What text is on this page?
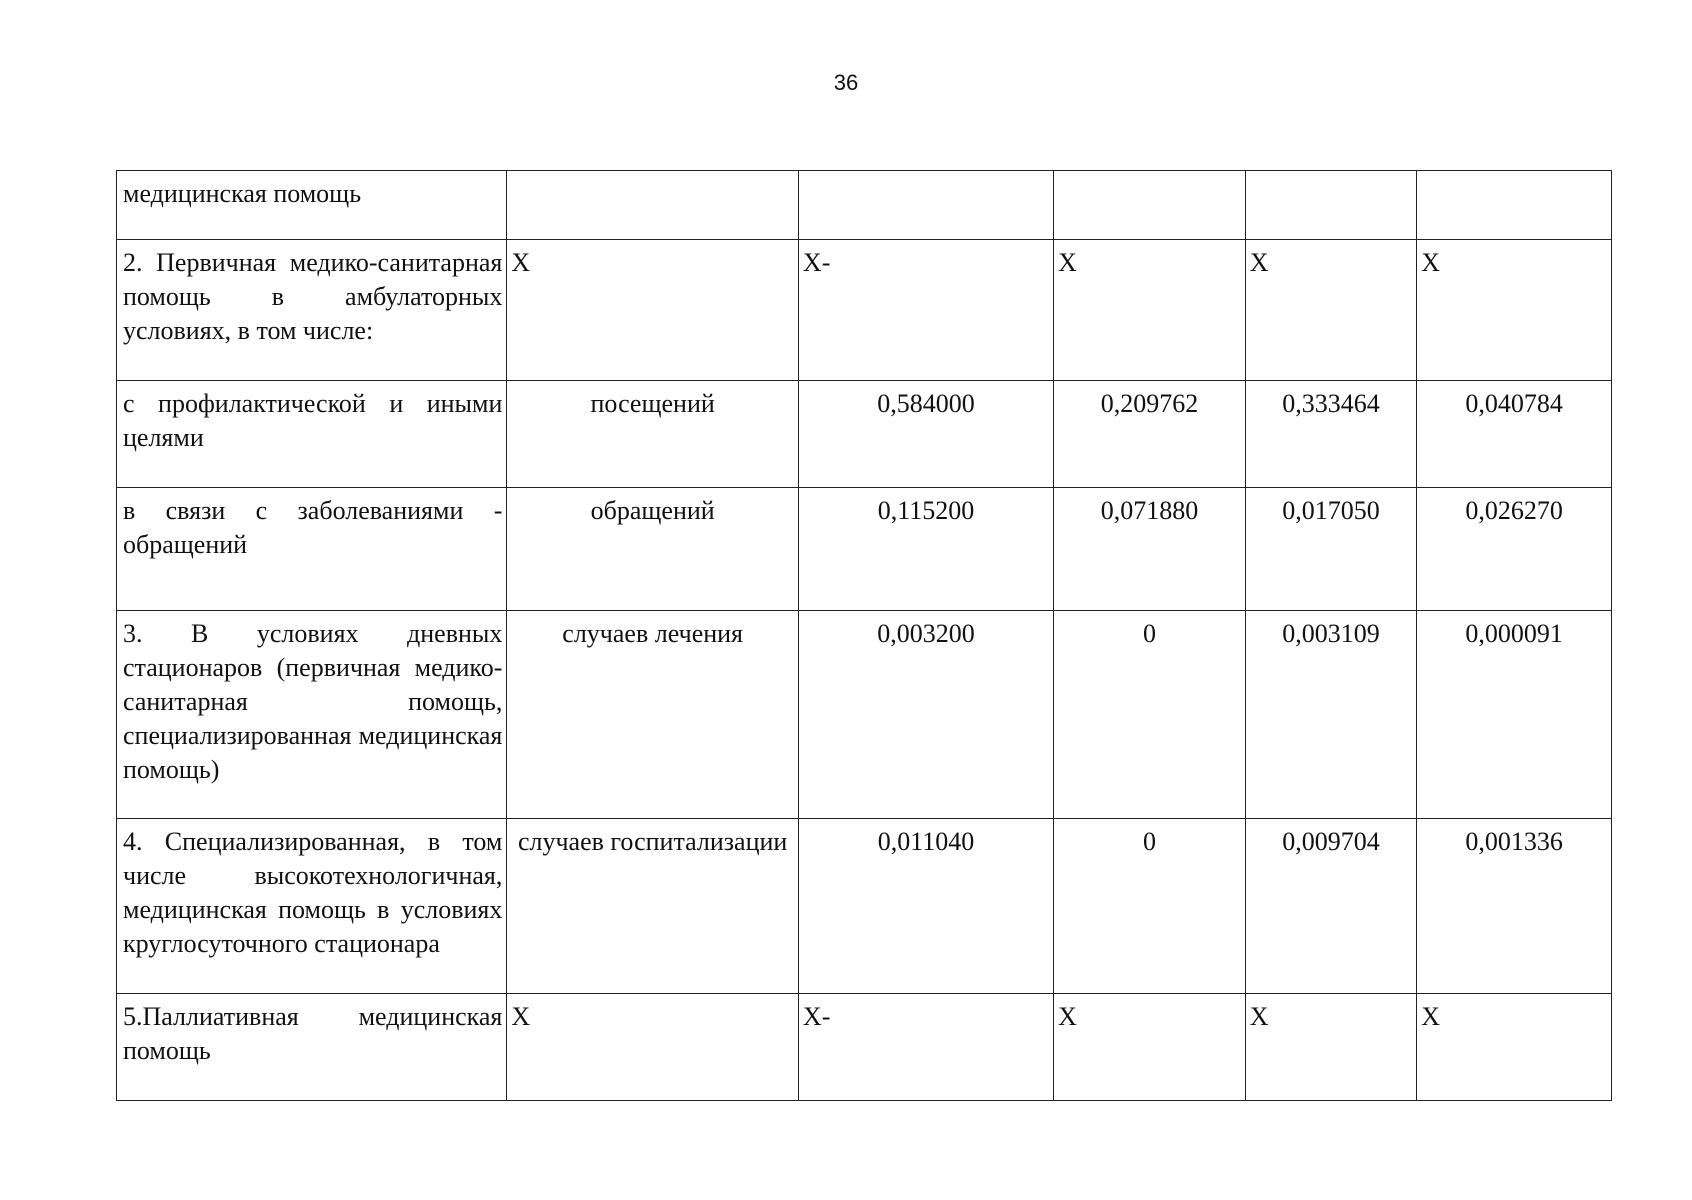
36
медицинская помощь					
2. Первичная медико-санитарная помощь в амбулаторных условиях, в том числе:	X	X-	X	X	X
с профилактической и иными целями	посещений	0,584000	0,209762	0,333464	0,040784
в связи с заболеваниями - обращений	обращений	0,115200	0,071880	0,017050	0,026270
3. В условиях дневных стационаров (первичная медико-санитарная помощь, специализированная медицинская помощь)	случаев лечения	0,003200	0	0,003109	0,000091
4. Специализированная, в том числе высокотехнологичная, медицинская помощь в условиях круглосуточного стационара	случаев госпитализации	0,011040	0	0,009704	0,001336
5.Паллиативная медицинская помощь	X	X-	X	X	X
